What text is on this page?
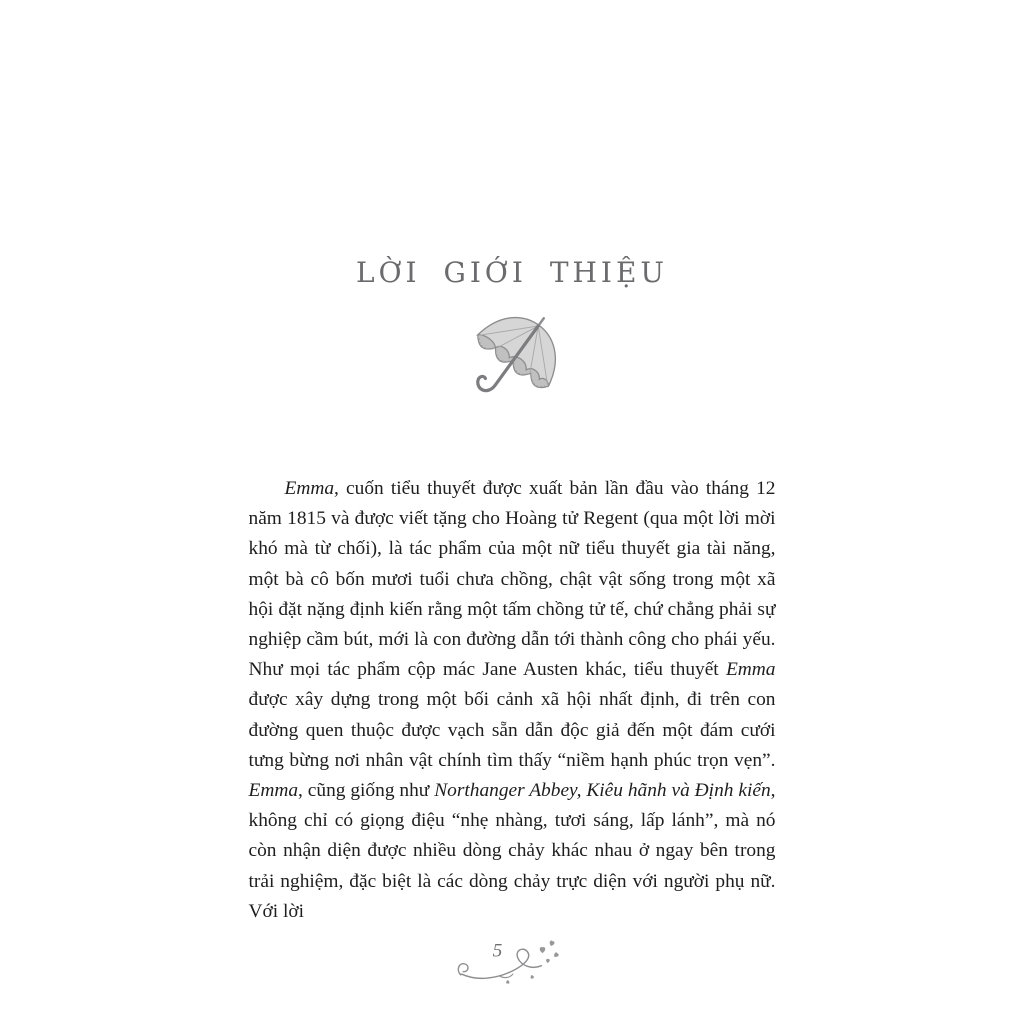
LỜI GIỚI THIỆU

Emma, cuốn tiểu thuyết được xuất bản lần đầu vào tháng 12 năm 1815 và được viết tặng cho Hoàng tử Regent (qua một lời mời khó mà từ chối), là tác phẩm của một nữ tiểu thuyết gia tài năng, một bà cô bốn mươi tuổi chưa chồng, chật vật sống trong một xã hội đặt nặng định kiến rằng một tấm chồng tử tế, chứ chẳng phải sự nghiệp cầm bút, mới là con đường dẫn tới thành công cho phái yếu. Như mọi tác phẩm cộp mác Jane Austen khác, tiểu thuyết Emma được xây dựng trong một bối cảnh xã hội nhất định, đi trên con đường quen thuộc được vạch sẵn dẫn độc giả đến một đám cưới tưng bừng nơi nhân vật chính tìm thấy “niềm hạnh phúc trọn vẹn”. Emma, cũng giống như Northanger Abbey, Kiêu hãnh và Định kiến, không chỉ có giọng điệu “nhẹ nhàng, tươi sáng, lấp lánh”, mà nó còn nhận diện được nhiều dòng chảy khác nhau ở ngay bên trong trải nghiệm, đặc biệt là các dòng chảy trực diện với người phụ nữ. Với lời

5
